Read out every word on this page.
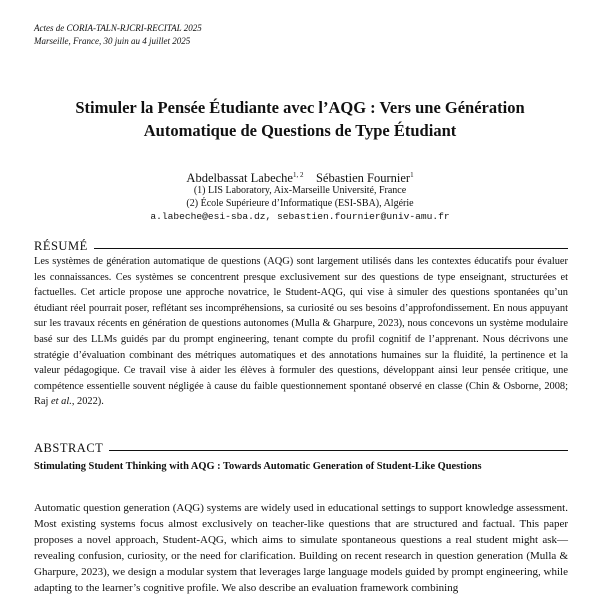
Actes de CORIA-TALN-RJCRI-RECITAL 2025
Marseille, France, 30 juin au 4 juillet 2025
Stimuler la Pensée Étudiante avec l’AQG : Vers une Génération
Automatique de Questions de Type Étudiant
Abdelbassat Labeche$^{1, 2}$ Sébastien Fournier$^1$
(1) LIS Laboratory, Aix-Marseille Université, France
(2) École Supérieure d’Informatique (ESI-SBA), Algérie
a.labeche@esi-sba.dz, sebastien.fournier@univ-amu.fr
RÉSUMÉ

Les systèmes de génération automatique de questions (AQG) sont largement utilisés dans les contextes éducatifs pour évaluer les connaissances. Ces systèmes se concentrent presque exclusivement sur des questions de type enseignant, structurées et factuelles. Cet article propose une approche novatrice, le Student-AQG, qui vise à simuler des questions spontanées qu’un étudiant réel pourrait poser, reflétant ses incompréhensions, sa curiosité ou ses besoins d’approfondissement. En nous appuyant sur les travaux récents en génération de questions autonomes (Mulla & Gharpure, 2023), nous concevons un système modulaire basé sur des LLMs guidés par du prompt engineering, tenant compte du profil cognitif de l’apprenant. Nous décrivons une stratégie d’évaluation combinant des métriques automatiques et des annotations humaines sur la fluidité, la pertinence et la valeur pédagogique. Ce travail vise à aider les élèves à formuler des questions, développant ainsi leur pensée critique, une compétence essentielle souvent négligée à cause du faible questionnement spontané observé en classe (Chin & Osborne, 2008; Raj et al., 2022).

ABSTRACT
Stimulating Student Thinking with AQG : Towards Automatic Generation of Student-Like Questions

Automatic question generation (AQG) systems are widely used in educational settings to support knowledge assessment. Most existing systems focus almost exclusively on teacher-like questions that are structured and factual. This paper proposes a novel approach, Student-AQG, which aims to simulate spontaneous questions a real student might ask—revealing confusion, curiosity, or the need for clarification. Building on recent research in question generation (Mulla & Gharpure, 2023), we design a modular system that leverages large language models guided by prompt engineering, while adapting to the learner’s cognitive profile. We also describe an evaluation framework combining
